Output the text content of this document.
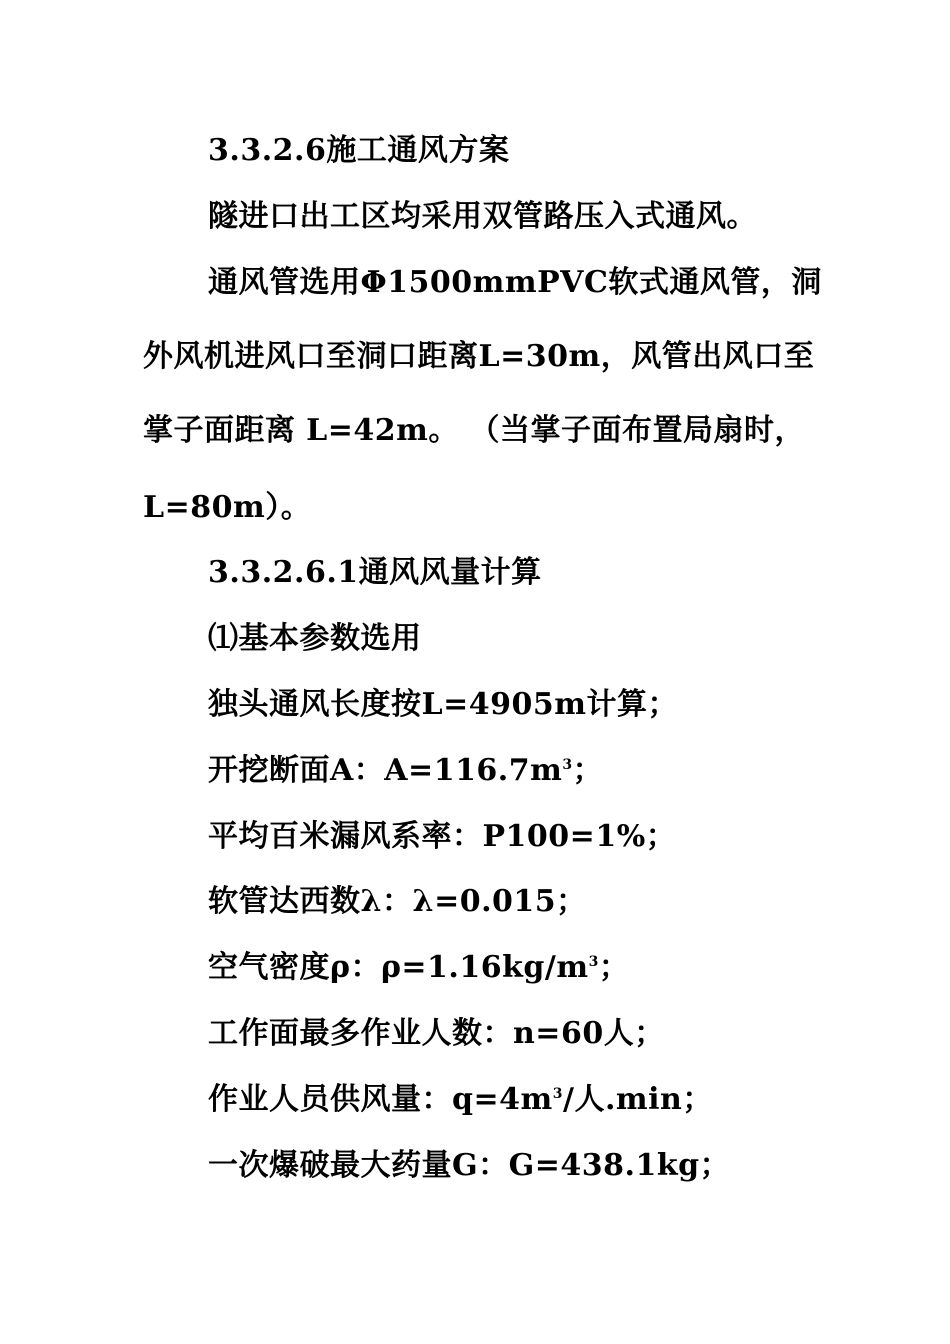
3.3.2.6施工通风方案
隧进口出工区均采用双管路压入式通风。
通风管选用 Φ1500mmPVC 软式通风管， 洞
外风机进风口至洞口距离 L=30m， 风管出风口至
掌子面距离 L=42m。 （当掌子面布置局扇时，
L=80m）。
3.3.2.6.1通风风量计算
⑴基本参数选用
独头通风长度按L=4905m计算；
开挖断面A：$A=116.7m^3$；
平均百米漏风系率：P100=1%；
软管达西数λ：λ=0.015；
空气密度ρ：$\rho=1.16kg/m^3$；
工作面最多作业人数：n=60人；
作业人员供风量：$q=4m^3/$人.min；
一次爆破最大药量G：G=438.1kg；
